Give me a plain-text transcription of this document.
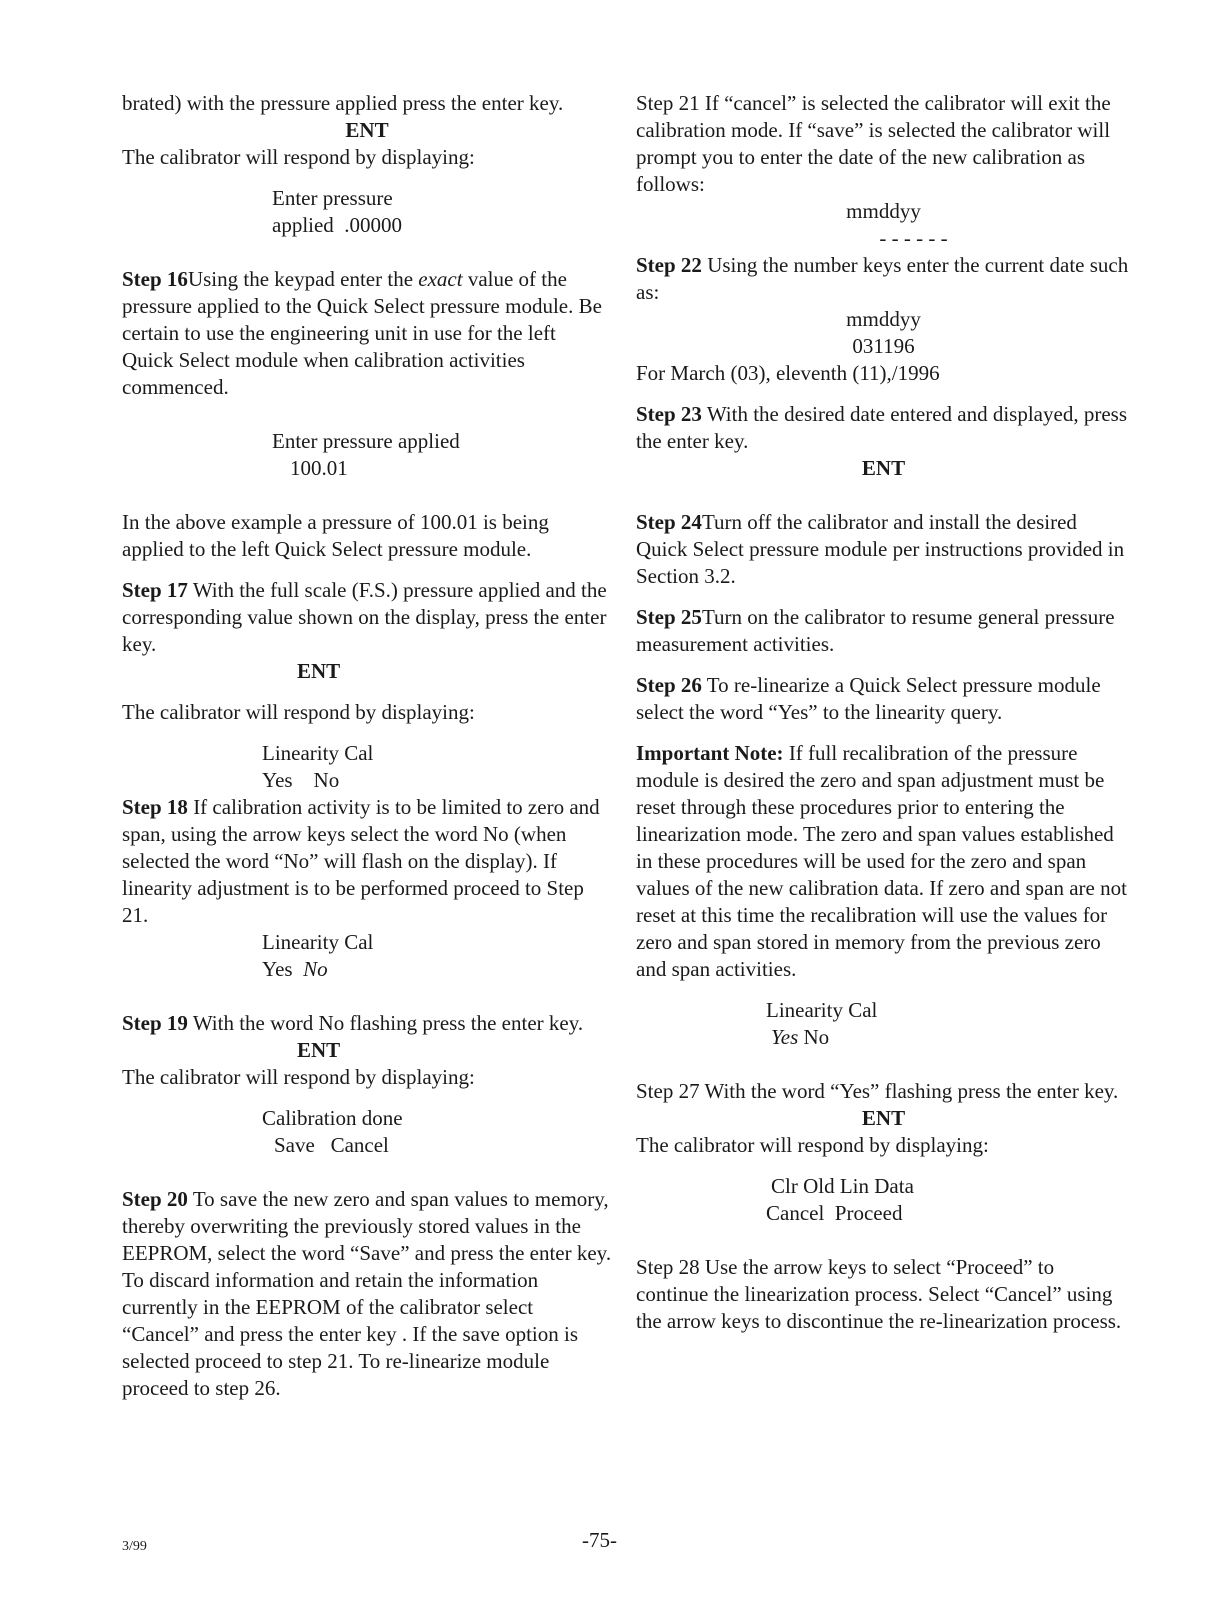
brated) with the pressure applied press the enter key.

ENT

The calibrator will respond by displaying:

Enter pressure

applied  .00000

Step 16Using the keypad enter the exact value of the pressure applied to the Quick Select pressure module. Be certain to use the engineering unit in use for the left Quick Select module when calibration activities commenced.

Enter pressure applied

100.01

In the above example a pressure of 100.01 is being applied to the left Quick Select pressure module.

Step 17 With the full scale (F.S.) pressure applied and the corresponding value shown on the display, press the enter key.

ENT

The calibrator will respond by displaying:

Linearity Cal

Yes    No

Step 18 If calibration activity is to be limited to zero and span, using the arrow keys select the word No (when selected the word “No” will flash on the display). If linearity adjustment is to be performed proceed to Step 21.

Linearity Cal

Yes  No

Step 19 With the word No flashing press the enter key.

ENT

The calibrator will respond by displaying:

Calibration done

Save   Cancel

Step 20 To save the new zero and span values to memory, thereby overwriting the previously stored values in the EEPROM, select the word “Save” and press the enter key. To discard information and retain the information currently in the EEPROM of the calibrator select “Cancel” and press the enter key . If the save option is selected proceed to step 21. To re-linearize module proceed to step 26.

Step 21 If “cancel” is selected the calibrator will exit the calibration mode. If “save” is selected the calibrator will prompt you to enter the date of the new calibration as follows:

mmddyy

- - - - - -

Step 22 Using the number keys enter the current date such as:

mmddyy

031196

For March (03), eleventh (11),/1996

Step 23 With the desired date entered and displayed, press the enter key.

ENT

Step 24Turn off the calibrator and install the desired Quick Select pressure module per instructions provided in Section 3.2.

Step 25Turn on the calibrator to resume general pressure measurement activities.

Step 26 To re-linearize a Quick Select pressure module select the word “Yes” to the linearity query.

Important Note: If full recalibration of the pressure module is desired the zero and span adjustment must be reset through these procedures prior to entering the linearization mode. The zero and span values established in these procedures will be used for the zero and span values of the new calibration data. If zero and span are not reset at this time the recalibration will use the values for zero and span stored in memory from the previous zero and span activities.

Linearity Cal

Yes No

Step 27 With the word “Yes” flashing press the enter key.

ENT

The calibrator will respond by displaying:

Clr Old Lin Data

Cancel  Proceed

Step 28 Use the arrow keys to select “Proceed” to continue the linearization process. Select “Cancel” using the arrow keys to discontinue the re-linearization process.

3/99	-75-
